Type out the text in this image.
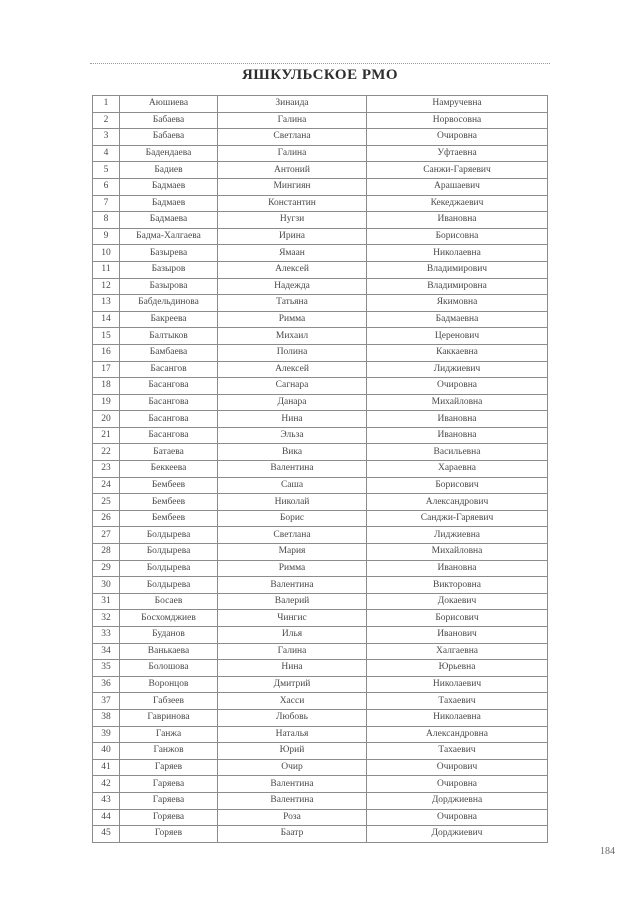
ЯШКУЛЬСКОЕ РМО
1	Аюшиева	Зинаида	Намручевна
2	Бабаева	Галина	Норвосовна
3	Бабаева	Светлана	Очировна
4	Бадендаева	Галина	Уфтаевна
5	Бадиев	Антоний	Санжи-Гаряевич
6	Бадмаев	Мингиян	Арашаевич
7	Бадмаев	Константин	Кекеджаевич
8	Бадмаева	Нугзи	Ивановна
9	Бадма-Халгаева	Ирина	Борисовна
10	Базырева	Ямаан	Николаевна
11	Базыров	Алексей	Владимирович
12	Базырова	Надежда	Владимировна
13	Бабдельдинова	Татьяна	Якимовна
14	Бакреева	Римма	Бадмаевна
15	Балтыков	Михаил	Церенович
16	Бамбаева	Полина	Каккаевна
17	Басангов	Алексей	Лиджиевич
18	Басангова	Сагнара	Очировна
19	Басангова	Данара	Михайловна
20	Басангова	Нина	Ивановна
21	Басангова	Эльза	Ивановна
22	Батаева	Вика	Васильевна
23	Беккеева	Валентина	Хараевна
24	Бембеев	Саша	Борисович
25	Бембеев	Николай	Александрович
26	Бембеев	Борис	Санджи-Гаряевич
27	Болдырева	Светлана	Лиджиевна
28	Болдырева	Мария	Михайловна
29	Болдырева	Римма	Ивановна
30	Болдырева	Валентина	Викторовна
31	Босаев	Валерий	Докаевич
32	Босхомджиев	Чингис	Борисович
33	Буданов	Илья	Иванович
34	Ванькаева	Галина	Халгаевна
35	Болошова	Нина	Юрьевна
36	Воронцов	Дмитрий	Николаевич
37	Габзеев	Хасси	Тахаевич
38	Гавринова	Любовь	Николаевна
39	Ганжа	Наталья	Александровна
40	Ганжов	Юрий	Тахаевич
41	Гаряев	Очир	Очирович
42	Гаряева	Валентина	Очировна
43	Гаряева	Валентина	Дорджиевна
44	Горяева	Роза	Очировна
45	Горяев	Баатр	Дорджиевич
184
